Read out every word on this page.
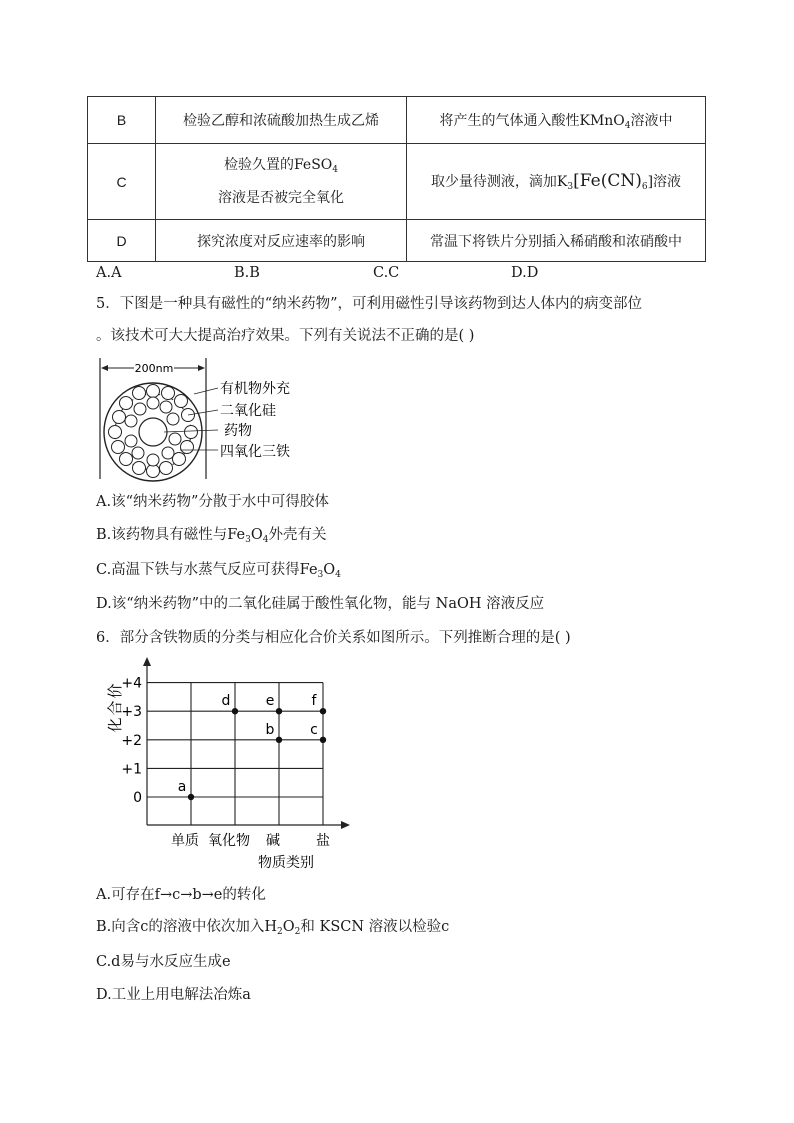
B	检验乙醇和浓硫酸加热生成乙烯	将产生的气体通入酸性KMnO$_4$溶液中
C	检验久置的FeSO$_4$
溶液是否被完全氧化	取少量待测液，滴加$K_3[Fe(CN)_6]$溶液
D	探究浓度对反应速率的影响	常温下将铁片分别插入稀硝酸和浓硝酸中
A.A	B.B	C.C	D.D
5．下图是一种具有磁性的“纳米药物”，可利用磁性引导该药物到达人体内的病变部位
。该技术可大大提高治疗效果。下列有关说法不正确的是( )
200nm
有机物外充
二氧化硅
药物
四氧化三铁
A.该“纳米药物”分散于水中可得胶体
B.该药物具有磁性与$Fe_3O_4$外壳有关
C.高温下铁与水蒸气反应可获得$Fe_3O_4$
D.该“纳米药物”中的二氧化硅属于酸性氧化物，能与 NaOH 溶液反应
6．部分含铁物质的分类与相应化合价关系如图所示。下列推断合理的是( )
化
合
价
0
+1
+2
+3
+4
单质 氧化物 碱	盐
a
d	e
b
f
c
物质类别
A.可存在f→c→b→e的转化
B.向含c的溶液中依次加入$H_2O_2$和 KSCN 溶液以检验c
C.d易与水反应生成e
D.工业上用电解法冶炼a
